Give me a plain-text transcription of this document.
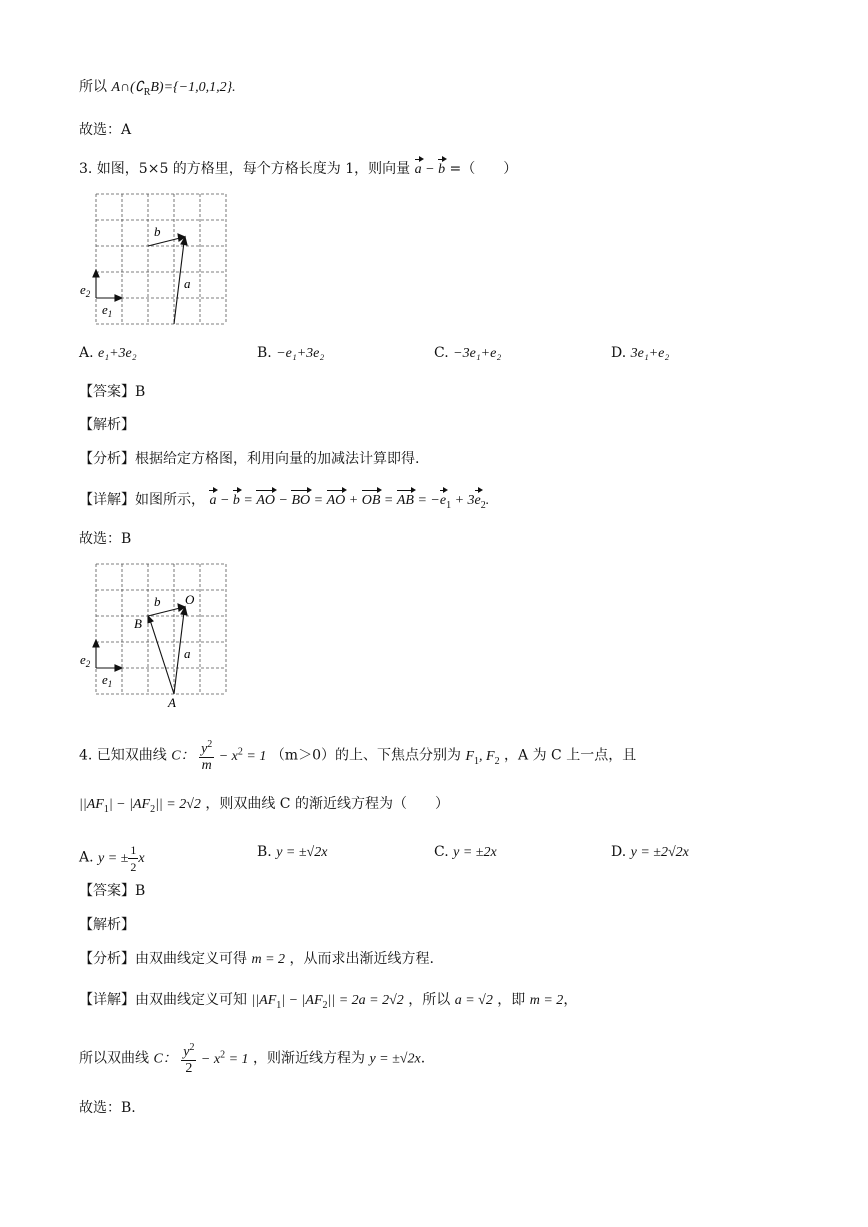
所以 $A\cap(∁_RB)=\{-1,0,1,2\}$.
故选：A
3. 如图，5×5 的方格里，每个方格长度为 1，则向量 a − b =（　　）
b
a
$e_2$
$e_1$
A. e₁+3e₂	B. −e₁+3e₂	C. −3e₁+e₂	D. 3e₁+e₂
【答案】B
【解析】
【分析】根据给定方格图，利用向量的加减法计算即得.
【详解】如图所示， a − b = AO − BO = AO + OB = AB = $-e_1 + 3e_2$.
故选：B
b O
B
a
A
$e_2$
$e_1$
4. 已知双曲线 C： $\frac{y^2}{m} - x^2 = 1$ （m＞0）的上、下焦点分别为 $F_1$, $F_2$ ，A 为 C 上一点，且
$||AF_1| - |AF_2|| = 2√2$ ，则双曲线 C 的渐近线方程为（　　）
A. y = ± $\frac{1}{2}$ x	B. y = ±√2x	C. y = ±2x	D. y = ±2√2x
【答案】B
【解析】
【分析】由双曲线定义可得 m = 2 ，从而求出渐近线方程.
【详解】由双曲线定义可知 $||AF_1| - |AF_2|| = 2a = 2√2$ ，所以 a = √2 ，即 m = 2，
所以双曲线 C： $\frac{y^2}{2} - x^2 = 1$ ，则渐近线方程为 y = ±√2x.
故选：B.
